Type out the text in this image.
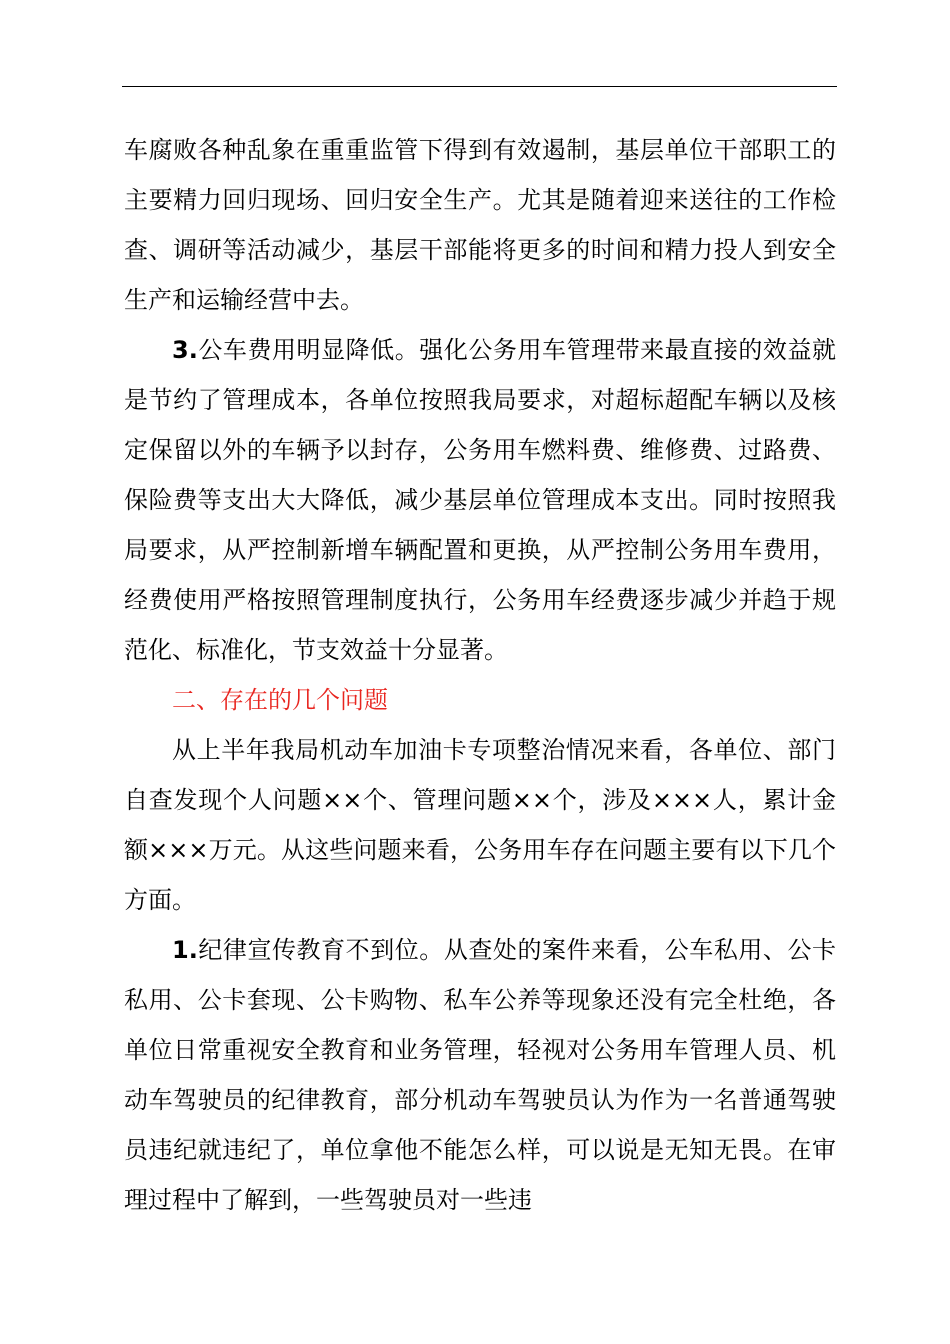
车腐败各种乱象在重重监管下得到有效遏制，基层单位干部职工的主要精力回归现场、回归安全生产。尤其是随着迎来送往的工作检查、调研等活动减少，基层干部能将更多的时间和精力投人到安全生产和运输经营中去。

3.公车费用明显降低。强化公务用车管理带来最直接的效益就是节约了管理成本，各单位按照我局要求，对超标超配车辆以及核定保留以外的车辆予以封存，公务用车燃料费、维修费、过路费、保险费等支出大大降低，减少基层单位管理成本支出。同时按照我局要求，从严控制新增车辆配置和更换，从严控制公务用车费用，经费使用严格按照管理制度执行，公务用车经费逐步减少并趋于规范化、标准化，节支效益十分显著。

二、存在的几个问题

从上半年我局机动车加油卡专项整治情况来看，各单位、部门自查发现个人问题××个、管理问题××个，涉及×××人，累计金额×××万元。从这些问题来看，公务用车存在问题主要有以下几个方面。

1.纪律宣传教育不到位。从查处的案件来看，公车私用、公卡私用、公卡套现、公卡购物、私车公养等现象还没有完全杜绝，各单位日常重视安全教育和业务管理，轻视对公务用车管理人员、机动车驾驶员的纪律教育，部分机动车驾驶员认为作为一名普通驾驶员违纪就违纪了，单位拿他不能怎么样，可以说是无知无畏。在审理过程中了解到，一些驾驶员对一些违
